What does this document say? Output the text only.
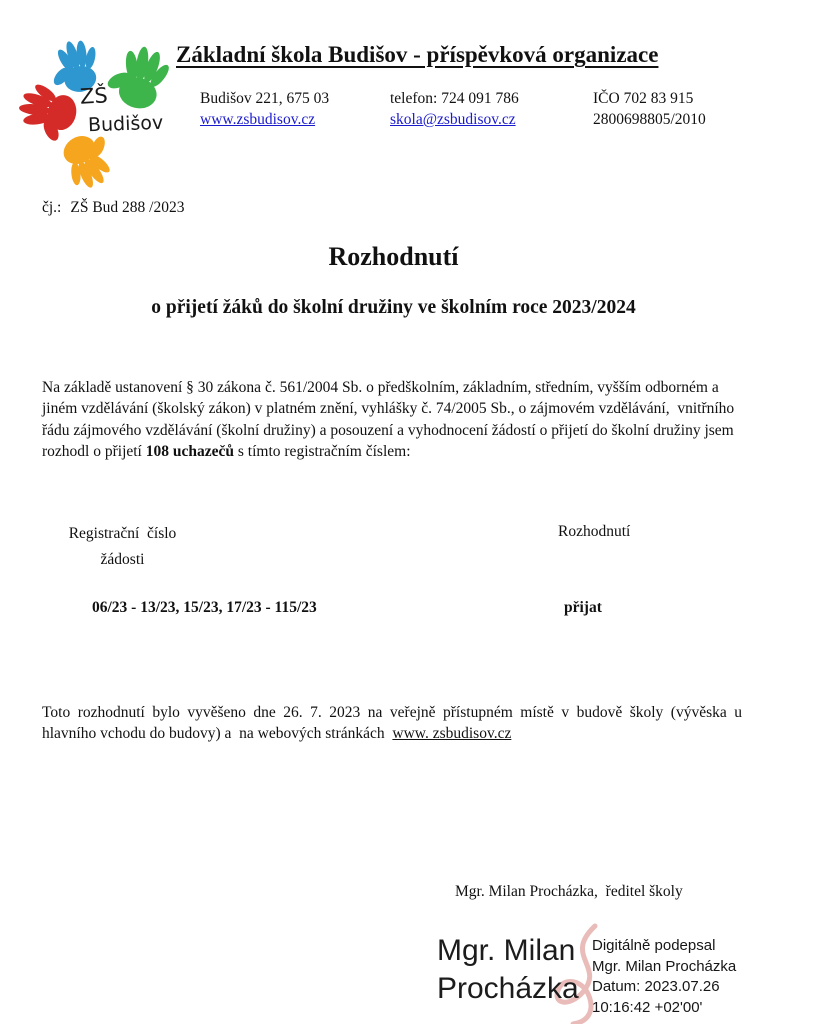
ZŠ
Budišov
Základní škola Budišov - příspěvková organizace
Budišov 221, 675 03
www.zsbudisov.cz
telefon: 724 091 786
skola@zsbudisov.cz
IČO 702 83 915
2800698805/2010
čj.: ZŠ Bud 288 /2023
Rozhodnutí
o přijetí žáků do školní družiny ve školním roce 2023/2024
Na základě ustanovení § 30 zákona č. 561/2004 Sb. o předškolním, základním, středním, vyšším odborném a jiném vzdělávání (školský zákon) v platném znění, vyhlášky č. 74/2005 Sb., o zájmovém vzdělávání,  vnitřního řádu zájmového vzdělávání (školní družiny) a posouzení a vyhodnocení žádostí o přijetí do školní družiny jsem rozhodl o přijetí 108 uchazečů s tímto registračním číslem:
Registrační  číslo
žádosti
Rozhodnutí
06/23 - 13/23, 15/23, 17/23 - 115/23	přijat
Toto rozhodnutí bylo vyvěšeno dne 26. 7. 2023 na veřejně přístupném místě v budově školy (vývěska u hlavního vchodu do budovy) a  na webových stránkách  www. zsbudisov.cz
Mgr. Milan Procházka,  ředitel školy
Mgr. Milan
Procházka
Digitálně podepsal
Mgr. Milan Procházka
Datum: 2023.07.26
10:16:42 +02'00'
